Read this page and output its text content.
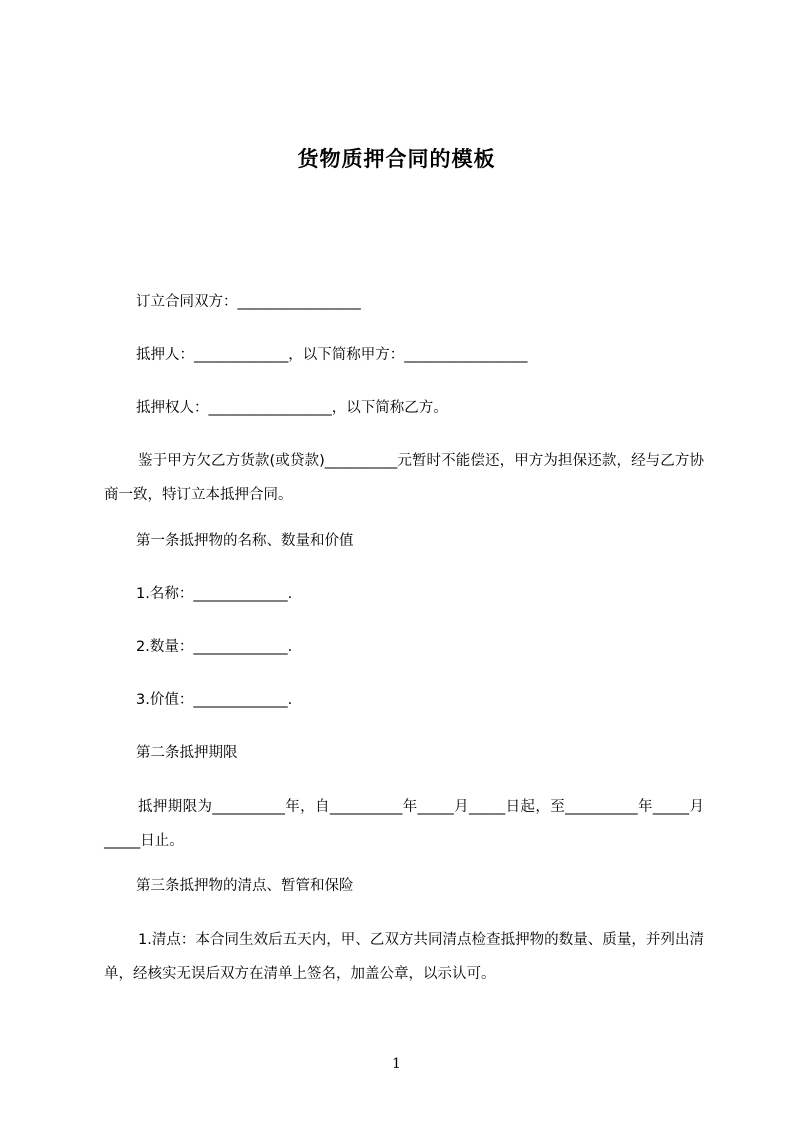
货物质押合同的模板
订立合同双方：_________________
抵押人：_____________，以下简称甲方：_________________
抵押权人：_________________，以下简称乙方。
鉴于甲方欠乙方货款(或贷款)__________元暂时不能偿还，甲方为担保还款，经与乙方协商一致，特订立本抵押合同。
第一条抵押物的名称、数量和价值
1.名称：_____________.
2.数量：_____________.
3.价值：_____________.
第二条抵押期限
抵押期限为__________年，自__________年_____月_____日起，至__________年_____月_____日止。
第三条抵押物的清点、暂管和保险
1.清点：本合同生效后五天内，甲、乙双方共同清点检查抵押物的数量、质量，并列出清单，经核实无误后双方在清单上签名，加盖公章，以示认可。
1
